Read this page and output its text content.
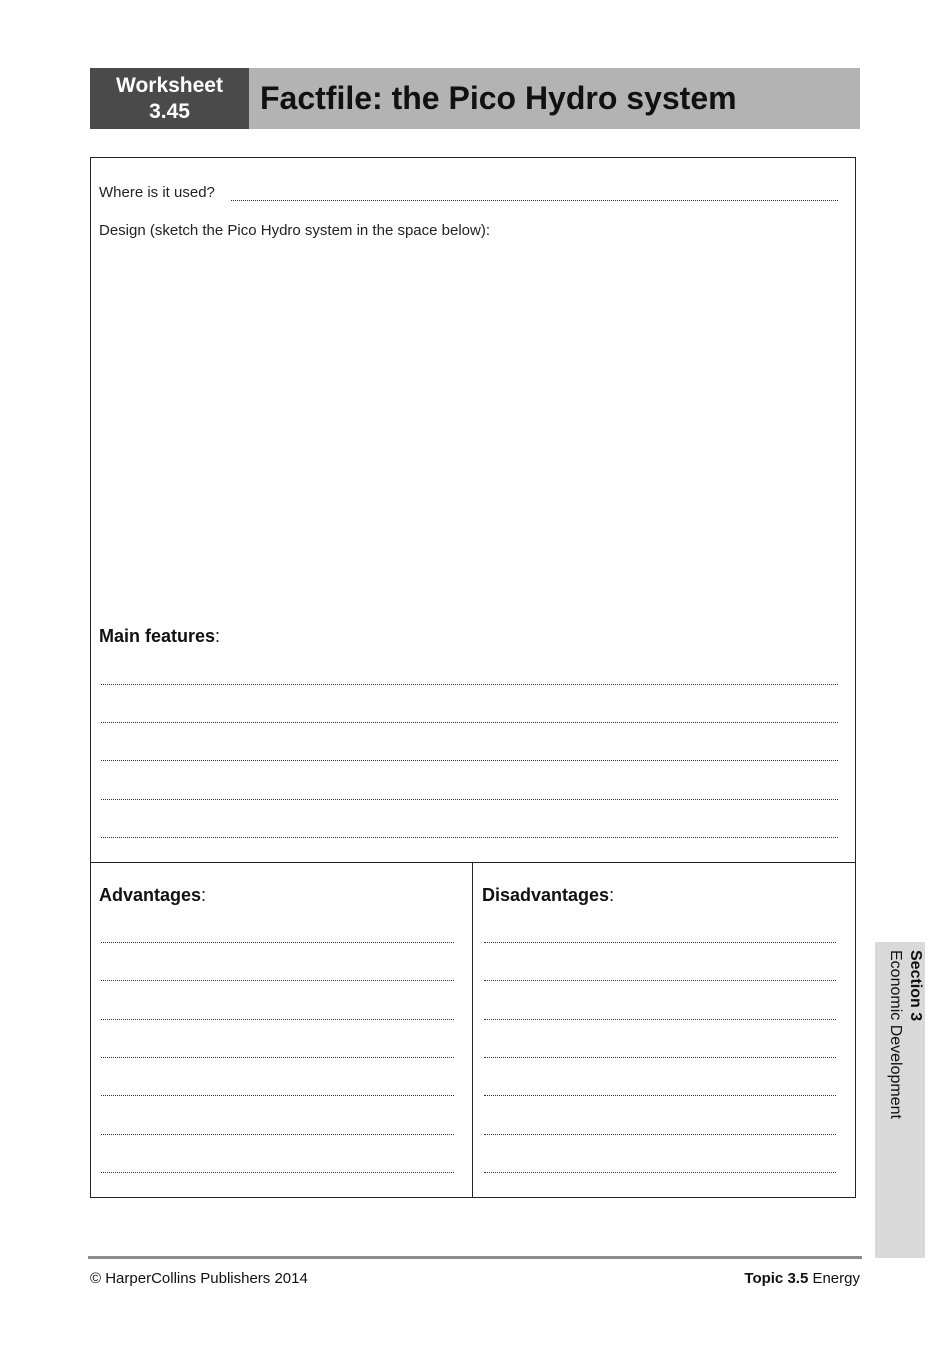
Worksheet
3.45 Factfile: the Pico Hydro system
Where is it used?
Design (sketch the Pico Hydro system in the space below):
Main features:
Advantages:	Disadvantages:
Section 3
Economic Development
© HarperCollins Publishers 2014	Topic 3.5 Energy
